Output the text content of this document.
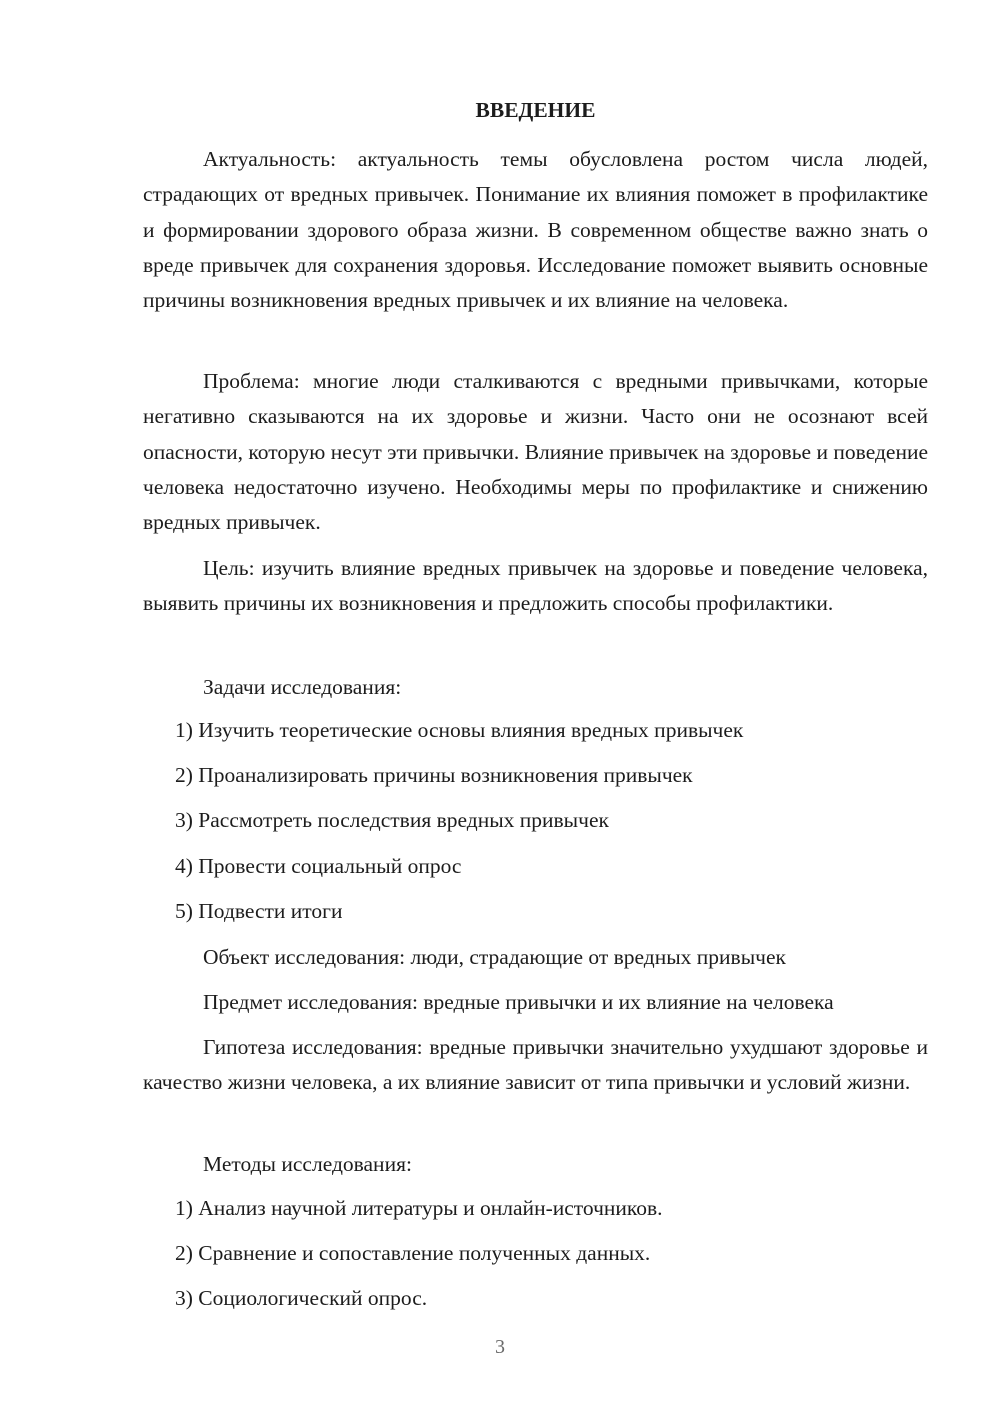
ВВЕДЕНИЕ

Актуальность: актуальность темы обусловлена ростом числа людей, страдающих от вредных привычек. Понимание их влияния поможет в профилактике и формировании здорового образа жизни. В современном обществе важно знать о вреде привычек для сохранения здоровья. Исследование поможет выявить основные причины возникновения вредных привычек и их влияние на человека.

Проблема: многие люди сталкиваются с вредными привычками, которые негативно сказываются на их здоровье и жизни. Часто они не осознают всей опасности, которую несут эти привычки. Влияние привычек на здоровье и поведение человека недостаточно изучено. Необходимы меры по профилактике и снижению вредных привычек.

Цель: изучить влияние вредных привычек на здоровье и поведение человека, выявить причины их возникновения и предложить способы профилактики.

Задачи исследования:

1) Изучить теоретические основы влияния вредных привычек

2) Проанализировать причины возникновения привычек

3) Рассмотреть последствия вредных привычек

4) Провести социальный опрос

5) Подвести итоги

Объект исследования: люди, страдающие от вредных привычек

Предмет исследования: вредные привычки и их влияние на человека

Гипотеза исследования: вредные привычки значительно ухудшают здоровье и качество жизни человека, а их влияние зависит от типа привычки и условий жизни.

Методы исследования:

1) Анализ научной литературы и онлайн-источников.

2) Сравнение и сопоставление полученных данных.

3) Социологический опрос.

3
